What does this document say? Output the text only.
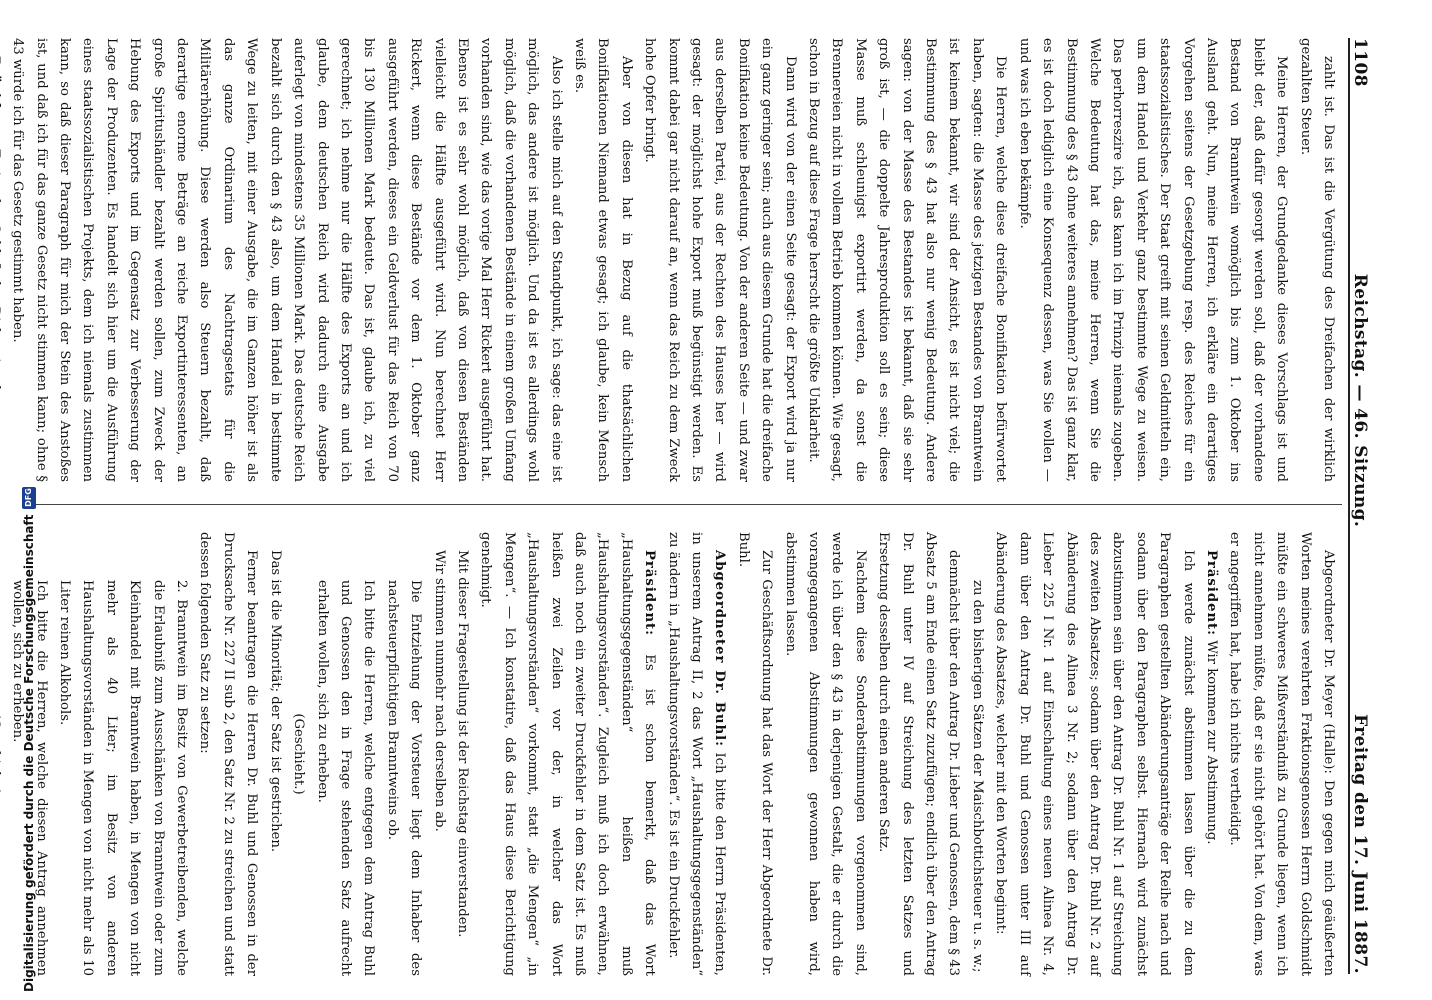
1108
Reichstag. — 46. Sitzung.
Freitag den 17. Juni 1887.

zahlt ist. Das ist die Vergütung des Dreifachen der wirklich gezahlten Steuer.

Meine Herren, der Grundgedanke dieses Vorschlags ist und bleibt der, daß dafür gesorgt werden soll, daß der vorhandene Bestand von Branntwein womöglich bis zum 1. Oktober ins Ausland geht. Nun, meine Herren, ich erkläre ein derartiges Vorgehen seitens der Gesetzgebung resp. des Reiches für ein staatssozialistisches. Der Staat greift mit seinen Geldmitteln ein, um dem Handel und Verkehr ganz bestimmte Wege zu weisen. Das perhorreszire ich, das kann ich im Prinzip niemals zugeben. Welche Bedeutung hat das, meine Herren, wenn Sie die Bestimmung des § 43 ohne weiteres annehmen? Das ist ganz klar, es ist doch lediglich eine Konsequenz dessen, was Sie wollen — und was ich eben bekämpfe.

Die Herren, welche diese dreifache Bonifikation befürwortet haben, sagten: die Masse des jetzigen Bestandes von Branntwein ist keinem bekannt, wir sind der Ansicht, es ist nicht viel; die Bestimmung des § 43 hat also nur wenig Bedeutung. Andere sagen: von der Masse des Bestandes ist bekannt, daß sie sehr groß ist, — die doppelte Jahresproduktion soll es sein; diese Masse muß schleunigst exportirt werden, da sonst die Brennereien nicht in vollem Betrieb kommen können. Wie gesagt, schon in Bezug auf diese Frage herrscht die größte Unklarheit.

Dann wird von der einen Seite gesagt: der Export wird ja nur ein ganz geringer sein; auch aus diesem Grunde hat die dreifache Bonifikation keine Bedeutung. Von der anderen Seite — und zwar aus derselben Partei, aus der Rechten des Hauses her — wird gesagt: der möglichst hohe Export muß begünstigt werden. Es kommt dabei gar nicht darauf an, wenn das Reich zu dem Zweck hohe Opfer bringt.

Aber von diesen hat in Bezug auf die thatsächlichen Bonifikationen Niemand etwas gesagt; ich glaube, kein Mensch weiß es.

Also ich stelle mich auf den Standpunkt, ich sage: das eine ist möglich, das andere ist möglich. Und da ist es allerdings wohl möglich, daß die vorhandenen Bestände in einem großen Umfang vorhanden sind, wie das vorige Mal Herr Rickert ausgeführt hat. Ebenso ist es sehr wohl möglich, daß von diesen Beständen vielleicht die Hälfte ausgeführt wird. Nun berechnet Herr Rickert, wenn diese Bestände vor dem 1. Oktober ganz ausgeführt werden, dieses ein Geldverlust für das Reich von 70 bis 130 Millionen Mark bedeute. Das ist, glaube ich, zu viel gerechnet; ich nehme nur die Hälfte des Exports an und ich glaube, dem deutschen Reich wird dadurch eine Ausgabe auferlegt von mindestens 35 Millionen Mark. Das deutsche Reich bezahlt sich durch den § 43 also, um dem Handel in bestimmte Wege zu leiten, mit einer Ausgabe, die im Ganzen höher ist als das ganze Ordinarium des Nachtragsetats für die Militärerhöhung. Diese werden also Steuern bezahlt, daß derartige enorme Beträge an reiche Exportinteressenten, an große Spiritushändler bezahlt werden sollen, zum Zweck der Hebung des Exports und im Gegensatz zur Verbesserung der Lage der Produzenten. Es handelt sich hier um die Ausführung eines staatssozialistischen Projekts, dem ich niemals zustimmen kann, so daß dieser Paragraph für mich der Stein des Anstoßes ist, und daß ich für das ganze Gesetz nicht stimmen kann; ohne § 43 würde ich für das Gesetz gestimmt haben.

Abgeordneter Dr. Meyer (Halle): Den gegen mich geäußerten Worten meines verehrten Fraktionsgenossen Herrn Goldschmidt müßte ein schweres Mißverständniß zu Grunde liegen, wenn ich nicht annehmen müßte, daß er sie nicht gehört hat. Von dem, was er angegriffen hat, habe ich nichts vertheidigt.

Präsident: Wir kommen zur Abstimmung.

Ich werde zunächst abstimmen lassen über die zu dem Paragraphen gestellten Abänderungsanträge der Reihe nach und sodann über den Paragraphen selbst. Hiernach wird zunächst abzustimmen sein über den Antrag Dr. Buhl Nr. 1 auf Streichung des zweiten Absatzes; sodann über den Antrag Dr. Buhl Nr. 2 auf Abänderung des Alinea 3 Nr. 2; sodann über den Antrag Dr. Lieber 225 I Nr. 1 auf Einschaltung eines neuen Alinea Nr. 4, dann über den Antrag Dr. Buhl und Genossen unter III auf Abänderung des Absatzes, welcher mit den Worten beginnt:

zu den bisherigen Sätzen der Maischbottichsteuer u. s. w.;

demnächst über den Antrag Dr. Lieber und Genossen, dem § 43 Absatz 5 am Ende einen Satz zuzufügen; endlich über den Antrag Dr. Buhl unter IV auf Streichung des letzten Satzes und Ersetzung desselben durch einen anderen Satz.

Nachdem diese Sonderabstimmungen vorgenommen sind, werde ich über den § 43 in derjenigen Gestalt, die er durch die vorangegangenen Abstimmungen gewonnen haben wird, abstimmen lassen.

Zur Geschäftsordnung hat das Wort der Herr Abgeordnete Dr. Buhl.

Abgeordneter Dr. Buhl: Ich bitte den Herrn Präsidenten, in unserem Antrag II, 2 das Wort „Haushaltungsgegenständen“ zu ändern in „Haushaltungsvorständen“. Es ist ein Druckfehler.

Präsident: Es ist schon bemerkt, daß das Wort „Haushaltungsgegenständen“ heißen muß „Haushaltungsvorständen“. Zugleich muß ich doch erwähnen, daß auch noch ein zweiter Druckfehler in dem Satz ist. Es muß heißen zwei Zeilen vor der, in welcher das Wort „Haushaltungsvorständen“ vorkommt, statt „die Mengen“ „in Mengen“. — Ich konstatire, daß das Haus diese Berichtigung genehmigt.

Mit dieser Fragestellung ist der Reichstag einverstanden.

Wir stimmen nunmehr nach derselben ab.

Die Entziehung der Vorsteuer liegt dem Inhaber des nachsteuerpflichtigen Branntweins ob.

Ich bitte die Herren, welche entgegen dem Antrag Buhl und Genossen den in Frage stehenden Satz aufrecht erhalten wollen, sich zu erheben.

(Geschieht.)

Das ist die Minorität; der Satz ist gestrichen.

Ferner beantragen die Herren Dr. Buhl und Genossen in der Drucksache Nr. 227 II sub 2, den Satz Nr. 2 zu streichen und statt dessen folgenden Satz zu setzen:

2. Branntwein im Besitz von Gewerbetreibenden, welche die Erlaubniß zum Ausschänken von Branntwein oder zum Kleinhandel mit Branntwein haben, in Mengen von nicht mehr als 40 Liter; im Besitz von anderen Haushaltungsvorständen in Mengen von nicht mehr als 10 Liter reinen Alkohols.

Ich bitte die Herren, welche diesen Antrag annehmen wollen, sich zu erheben.

Digitalisierung gefördert durch die Deutsche Forschungsgemeinschaft
DFG
